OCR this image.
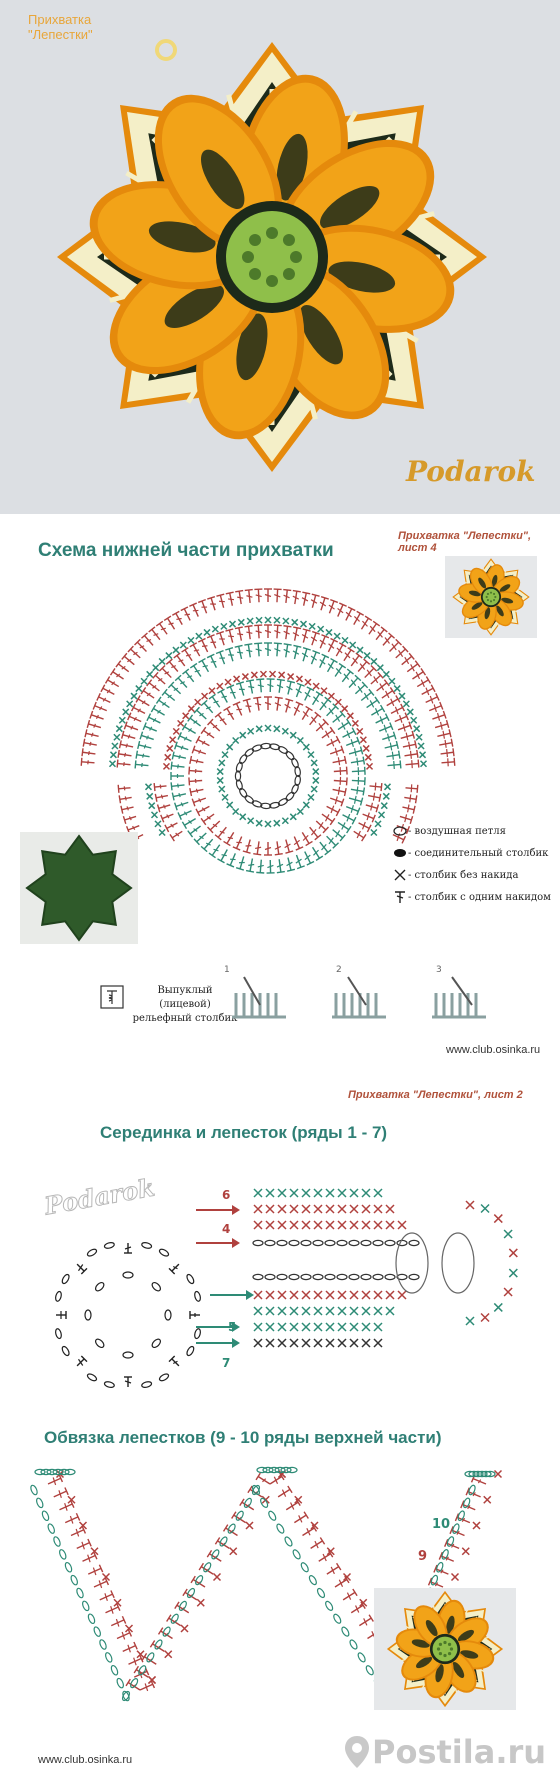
Прихватка
"Лепестки"
Podarok
Прихватка "Лепестки", лист 4
Схема нижней части прихватки
- воздушная петля
- соединительный столбик
- столбик без накида
- столбик с одним накидом
Выпуклый
(лицевой)
рельефный столбик
1	2	3
www.club.osinka.ru
Прихватка "Лепестки", лист 2
Серединка и лепесток (ряды 1 - 7)
Podarok	6
4
5
7
Обвязка лепестков (9 - 10 ряды верхней части)
10
9
www.club.osinka.ru	Postila.ru
